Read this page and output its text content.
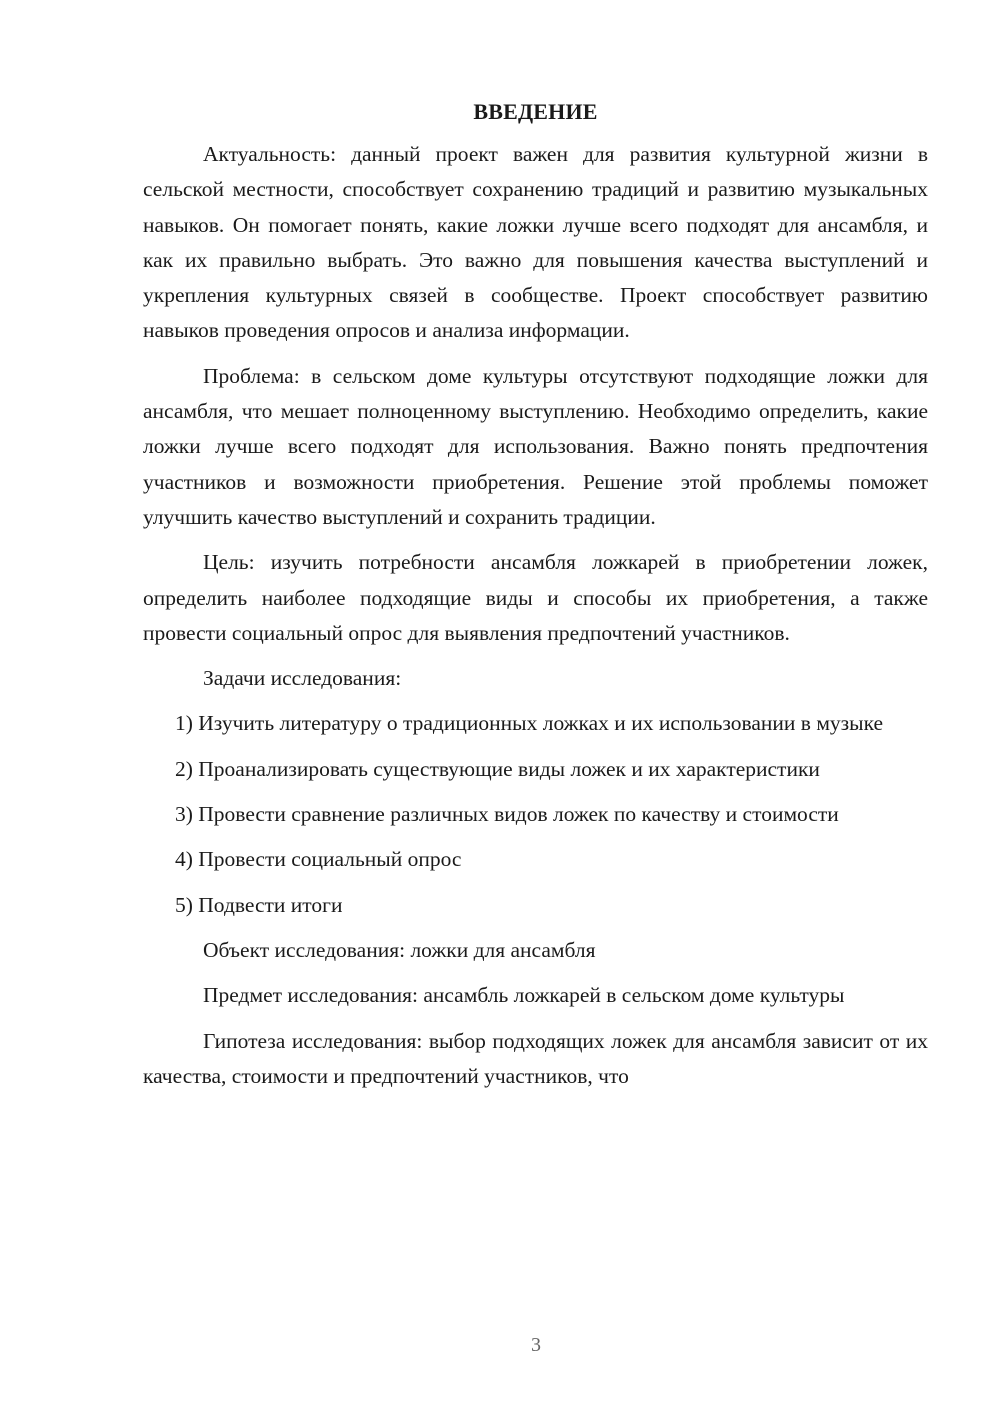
ВВЕДЕНИЕ

Актуальность: данный проект важен для развития культурной жизни в сельской местности, способствует сохранению традиций и развитию музыкальных навыков. Он помогает понять, какие ложки лучше всего подходят для ансамбля, и как их правильно выбрать. Это важно для повышения качества выступлений и укрепления культурных связей в сообществе. Проект способствует развитию навыков проведения опросов и анализа информации.

Проблема: в сельском доме культуры отсутствуют подходящие ложки для ансамбля, что мешает полноценному выступлению. Необходимо определить, какие ложки лучше всего подходят для использования. Важно понять предпочтения участников и возможности приобретения. Решение этой проблемы поможет улучшить качество выступлений и сохранить традиции.

Цель: изучить потребности ансамбля ложкарей в приобретении ложек, определить наиболее подходящие виды и способы их приобретения, а также провести социальный опрос для выявления предпочтений участников.

Задачи исследования:

1) Изучить литературу о традиционных ложках и их использовании в музыке

2) Проанализировать существующие виды ложек и их характеристики

3) Провести сравнение различных видов ложек по качеству и стоимости

4) Провести социальный опрос

5) Подвести итоги

Объект исследования: ложки для ансамбля

Предмет исследования: ансамбль ложкарей в сельском доме культуры

Гипотеза исследования: выбор подходящих ложек для ансамбля зависит от их качества, стоимости и предпочтений участников, что

3
